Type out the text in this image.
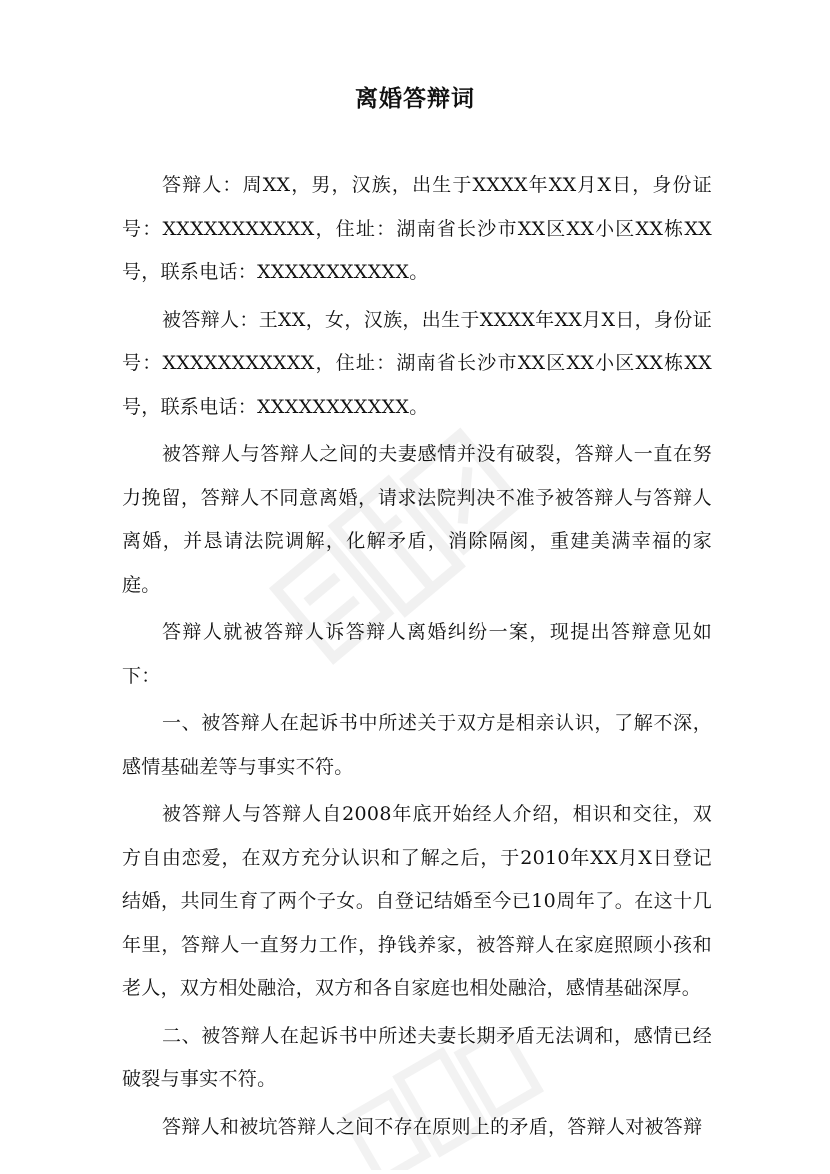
离婚答辩词

答辩人：周XX，男，汉族，出生于XXXX年XX月X日，身份证号：XXXXXXXXXXX，住址：湖南省长沙市XX区XX小区XX栋XX号，联系电话：XXXXXXXXXXX。

被答辩人：王XX，女，汉族，出生于XXXX年XX月X日，身份证号：XXXXXXXXXXX，住址：湖南省长沙市XX区XX小区XX栋XX号，联系电话：XXXXXXXXXXX。

被答辩人与答辩人之间的夫妻感情并没有破裂，答辩人一直在努力挽留，答辩人不同意离婚，请求法院判决不准予被答辩人与答辩人离婚，并恳请法院调解，化解矛盾，消除隔阂，重建美满幸福的家庭。

答辩人就被答辩人诉答辩人离婚纠纷一案，现提出答辩意见如下：

一、被答辩人在起诉书中所述关于双方是相亲认识，了解不深，感情基础差等与事实不符。

被答辩人与答辩人自2008年底开始经人介绍，相识和交往，双方自由恋爱，在双方充分认识和了解之后，于2010年XX月X日登记结婚，共同生育了两个子女。自登记结婚至今已10周年了。在这十几年里，答辩人一直努力工作，挣钱养家，被答辩人在家庭照顾小孩和老人，双方相处融洽，双方和各自家庭也相处融洽，感情基础深厚。

二、被答辩人在起诉书中所述夫妻长期矛盾无法调和，感情已经破裂与事实不符。

答辩人和被坑答辩人之间不存在原则上的矛盾，答辩人对被答辩
